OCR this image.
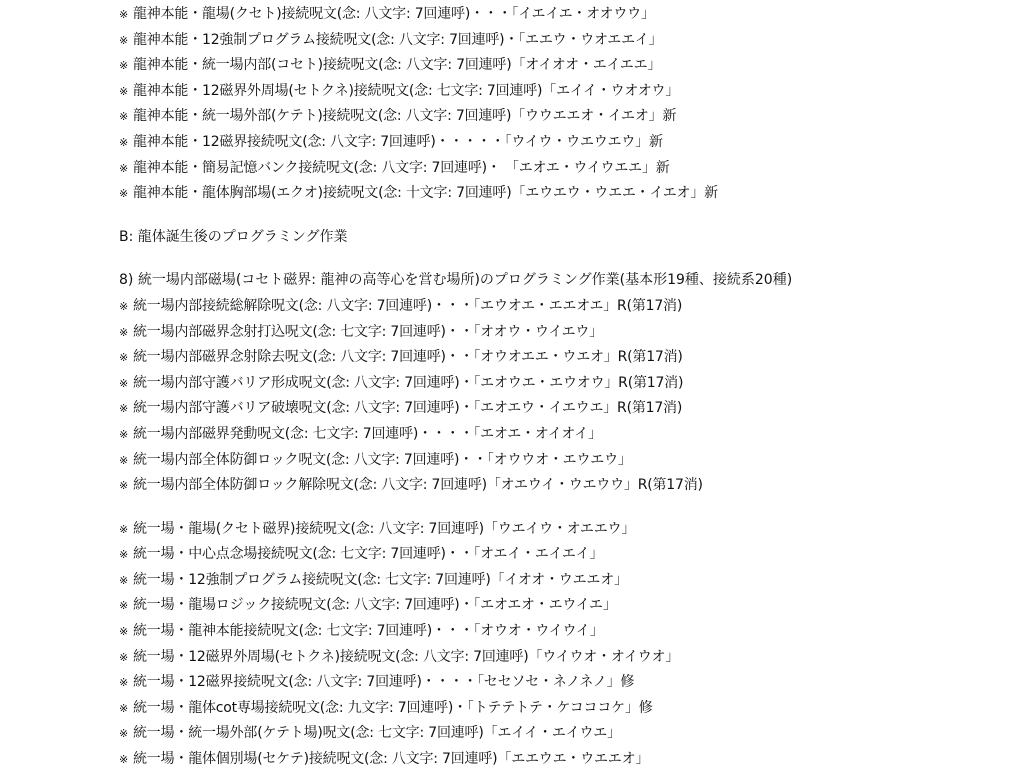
※ 龍神本能・龍場(クセト)接続呪文(念: 八文字: 7回連呼)・・・「イエイエ・オオウウ」
※ 龍神本能・12強制プログラム接続呪文(念: 八文字: 7回連呼)・「エエウ・ウオエエイ」
※ 龍神本能・統一場内部(コセト)接続呪文(念: 八文字: 7回連呼)「オイオオ・エイエエ」
※ 龍神本能・12磁界外周場(セトクネ)接続呪文(念: 七文字: 7回連呼)「エイイ・ウオオウ」
※ 龍神本能・統一場外部(ケテト)接続呪文(念: 八文字: 7回連呼)「ウウエエオ・イエオ」新
※ 龍神本能・12磁界接続呪文(念: 八文字: 7回連呼)・・・・・「ウイウ・ウエウエウ」新
※ 龍神本能・簡易記憶バンク接続呪文(念: 八文字: 7回連呼)・ 「エオエ・ウイウエエ」新
※ 龍神本能・龍体胸部場(エクオ)接続呪文(念: 十文字: 7回連呼)「エウエウ・ウエエ・イエオ」新
B: 龍体誕生後のプログラミング作業
8) 統一場内部磁場(コセト磁界: 龍神の高等心を営む場所)のプログラミング作業(基本形19種、接続系20種)
※ 統一場内部接続総解除呪文(念: 八文字: 7回連呼)・・・「エウオエ・エエオエ」R(第17消)
※ 統一場内部磁界念射打込呪文(念: 七文字: 7回連呼)・・「オオウ・ウイエウ」
※ 統一場内部磁界念射除去呪文(念: 八文字: 7回連呼)・・「オウオエエ・ウエオ」R(第17消)
※ 統一場内部守護バリア形成呪文(念: 八文字: 7回連呼)・「エオウエ・エウオウ」R(第17消)
※ 統一場内部守護バリア破壊呪文(念: 八文字: 7回連呼)・「エオエウ・イエウエ」R(第17消)
※ 統一場内部磁界発動呪文(念: 七文字: 7回連呼)・・・・「エオエ・オイオイ」
※ 統一場内部全体防御ロック呪文(念: 八文字: 7回連呼)・・「オウウオ・エウエウ」
※ 統一場内部全体防御ロック解除呪文(念: 八文字: 7回連呼)「オエウイ・ウエウウ」R(第17消)
※ 統一場・龍場(クセト磁界)接続呪文(念: 八文字: 7回連呼)「ウエイウ・オエエウ」
※ 統一場・中心点念場接続呪文(念: 七文字: 7回連呼)・・「オエイ・エイエイ」
※ 統一場・12強制プログラム接続呪文(念: 七文字: 7回連呼)「イオオ・ウエエオ」
※ 統一場・龍場ロジック接続呪文(念: 八文字: 7回連呼)・「エオエオ・エウイエ」
※ 統一場・龍神本能接続呪文(念: 七文字: 7回連呼)・・・「オウオ・ウイウイ」
※ 統一場・12磁界外周場(セトクネ)接続呪文(念: 八文字: 7回連呼)「ウイウオ・オイウオ」
※ 統一場・12磁界接続呪文(念: 八文字: 7回連呼)・・・・「セセソセ・ネノネノ」修
※ 統一場・龍体cot専場接続呪文(念: 九文字: 7回連呼)・「トテテトテ・ケコココケ」修
※ 統一場・統一場外部(ケテト場)呪文(念: 七文字: 7回連呼)「エイイ・エイウエ」
※ 統一場・龍体個別場(セケテ)接続呪文(念: 八文字: 7回連呼)「エエウエ・ウエエオ」
